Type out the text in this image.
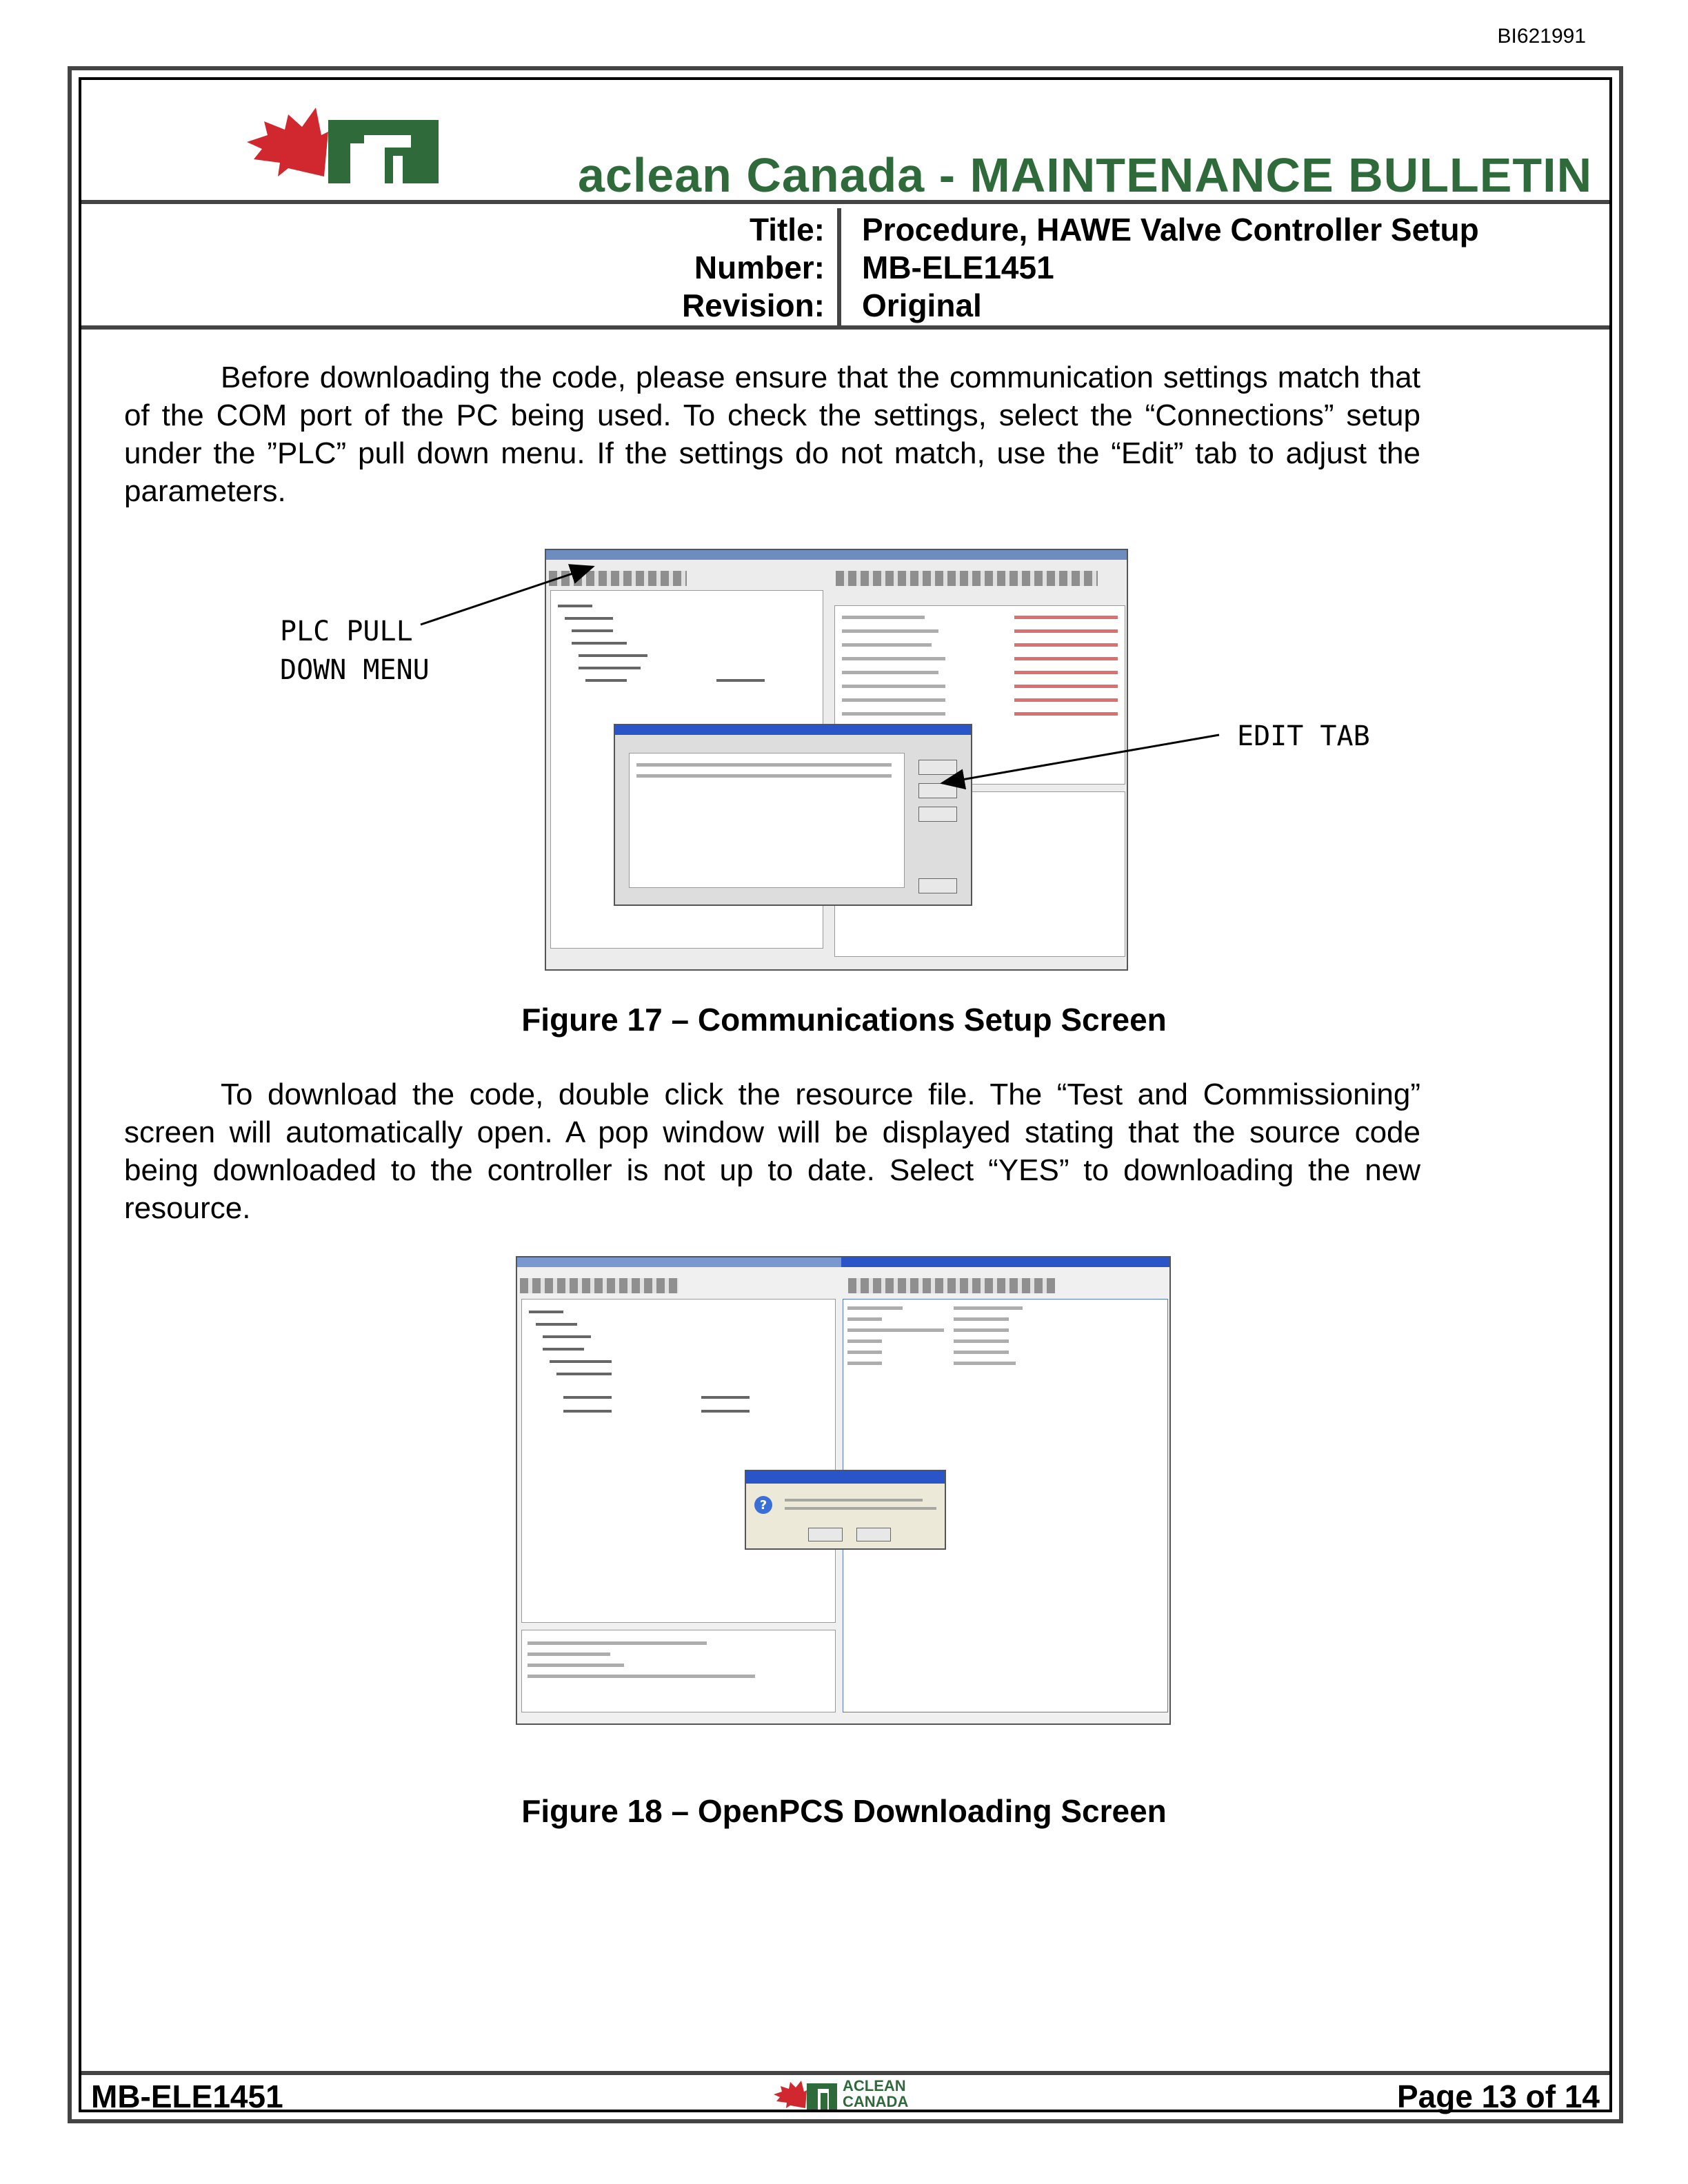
BI621991
aclean Canada - MAINTENANCE BULLETIN
Title:
Number:
Revision:
Procedure, HAWE Valve Controller Setup
MB-ELE1451
Original
MB-ELE1451	ACLEAN
CANADA	Page 13 of 14
Before downloading the code, please ensure that the communication settings match that of the COM port of the PC being used. To check the settings, select the “Connections” setup under the ”PLC” pull down menu. If the settings do not match, use the “Edit” tab to adjust the parameters.
PLC PULL
DOWN MENU
EDIT TAB
Figure 17 – Communications Setup Screen
To download the code, double click the resource file. The “Test and Commissioning” screen will automatically open. A pop window will be displayed stating that the source code being downloaded to the controller is not up to date. Select “YES” to downloading the new resource.
?
Figure 18 – OpenPCS Downloading Screen
